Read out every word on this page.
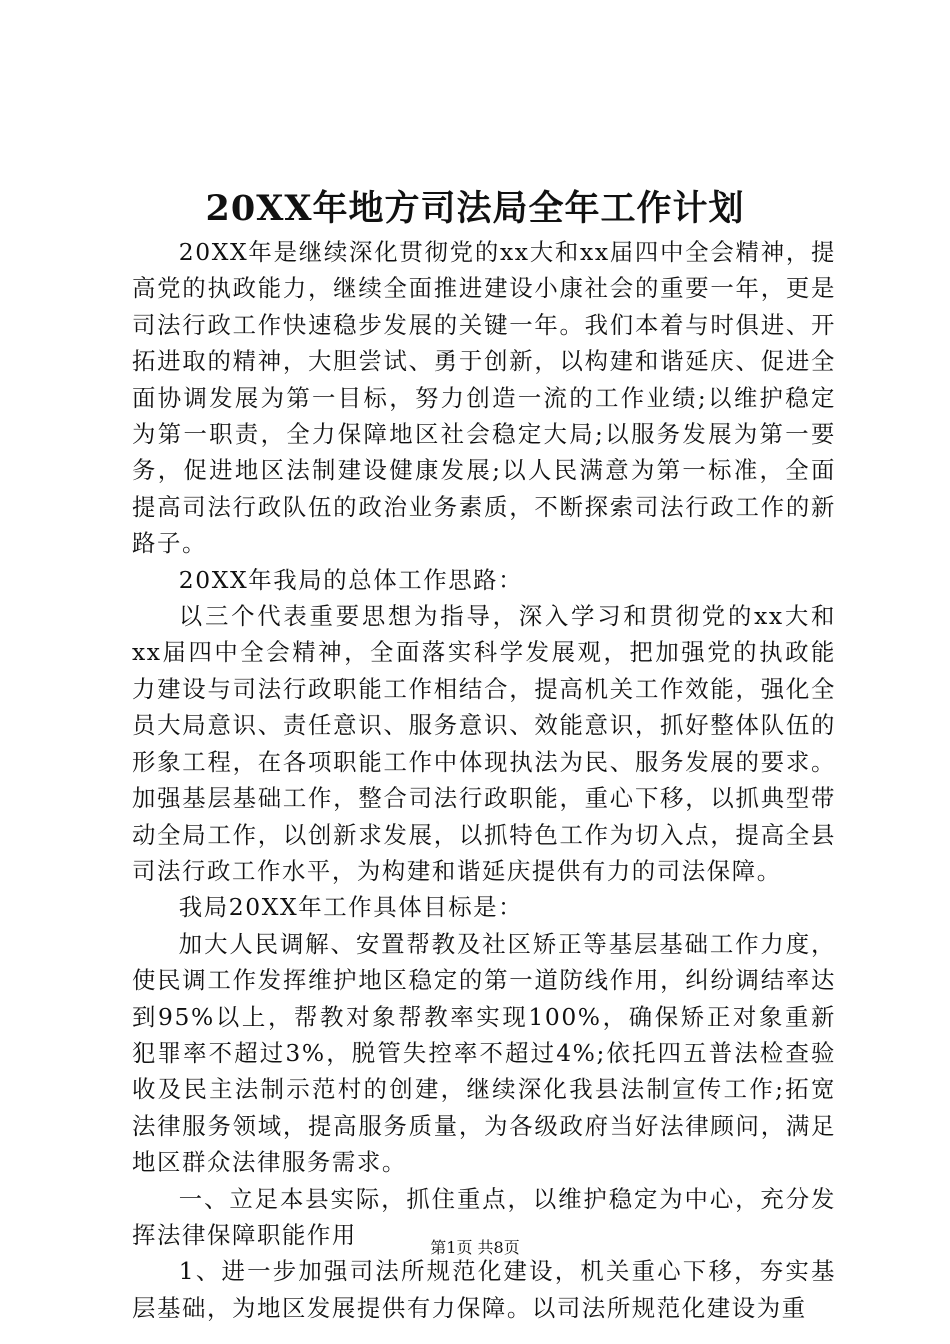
20XX年地方司法局全年工作计划

20XX年是继续深化贯彻党的xx大和xx届四中全会精神，提高党的执政能力，继续全面推进建设小康社会的重要一年，更是司法行政工作快速稳步发展的关键一年。我们本着与时俱进、开拓进取的精神，大胆尝试、勇于创新，以构建和谐延庆、促进全面协调发展为第一目标，努力创造一流的工作业绩;以维护稳定为第一职责，全力保障地区社会稳定大局;以服务发展为第一要务，促进地区法制建设健康发展;以人民满意为第一标准，全面提高司法行政队伍的政治业务素质，不断探索司法行政工作的新路子。

20XX年我局的总体工作思路：

以三个代表重要思想为指导，深入学习和贯彻党的xx大和xx届四中全会精神，全面落实科学发展观，把加强党的执政能力建设与司法行政职能工作相结合，提高机关工作效能，强化全员大局意识、责任意识、服务意识、效能意识，抓好整体队伍的形象工程，在各项职能工作中体现执法为民、服务发展的要求。加强基层基础工作，整合司法行政职能，重心下移，以抓典型带动全局工作，以创新求发展，以抓特色工作为切入点，提高全县司法行政工作水平，为构建和谐延庆提供有力的司法保障。

我局20XX年工作具体目标是：

加大人民调解、安置帮教及社区矫正等基层基础工作力度，使民调工作发挥维护地区稳定的第一道防线作用，纠纷调结率达到95%以上，帮教对象帮教率实现100%，确保矫正对象重新犯罪率不超过3%，脱管失控率不超过4%;依托四五普法检查验收及民主法制示范村的创建，继续深化我县法制宣传工作;拓宽法律服务领域，提高服务质量，为各级政府当好法律顾问，满足地区群众法律服务需求。

一、立足本县实际，抓住重点，以维护稳定为中心，充分发挥法律保障职能作用

1、进一步加强司法所规范化建设，机关重心下移，夯实基层基础，为地区发展提供有力保障。以司法所规范化建设为重

第1页 共8页
